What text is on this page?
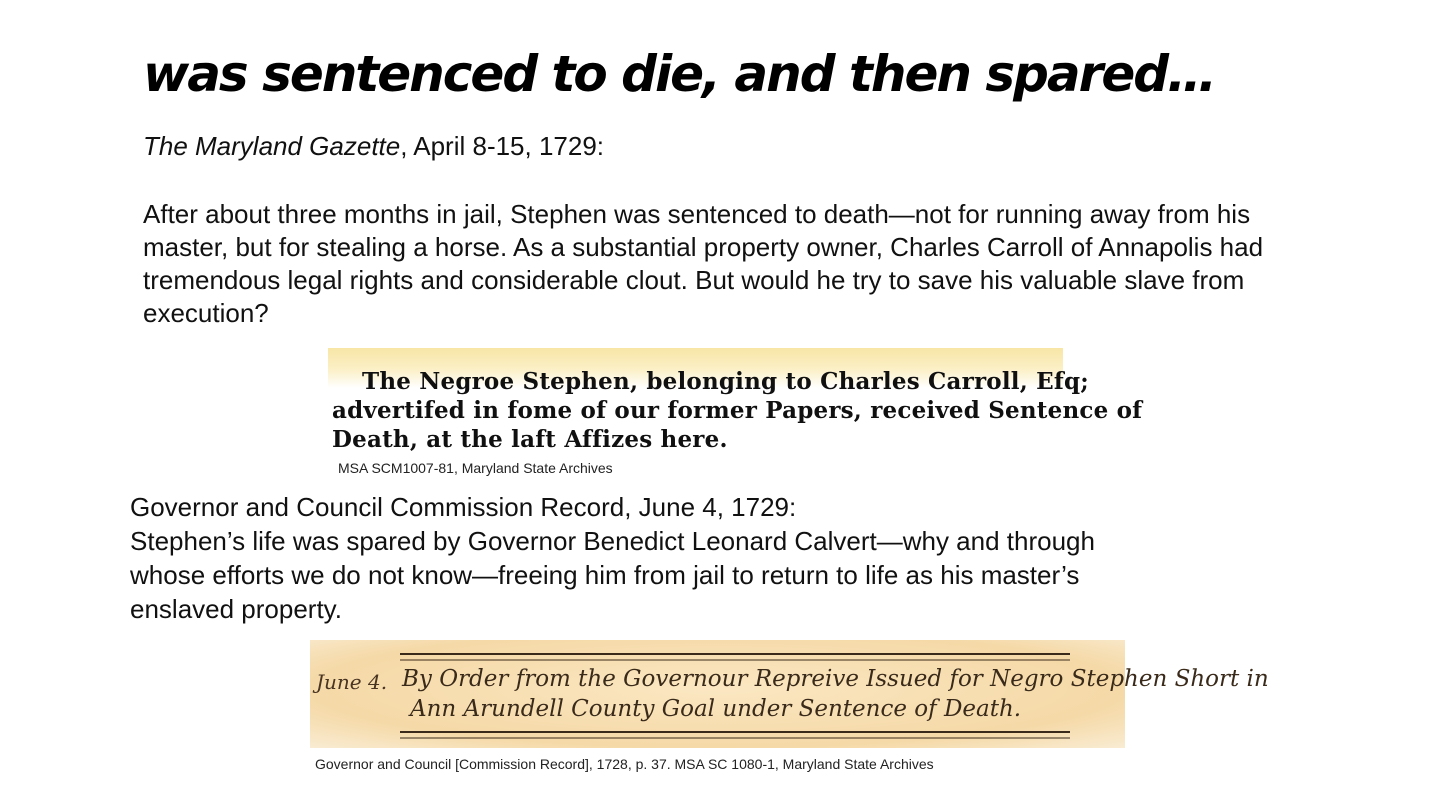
was sentenced to die, and then spared…
The Maryland Gazette, April 8-15, 1729:

After about three months in jail, Stephen was sentenced to death—not for running away from his master, but for stealing a horse. As a substantial property owner, Charles Carroll of Annapolis had tremendous legal rights and considerable clout. But would he try to save his valuable slave from execution?

The Negroe Stephen, belonging to Charles Carroll, Efq;
advertifed in fome of our former Papers, received Sentence of
Death, at the laft Affizes here.
MSA SCM1007-81, Maryland State Archives
Governor and Council Commission Record, June 4, 1729:

Stephen’s life was spared by Governor Benedict Leonard Calvert—why and through whose efforts we do not know—freeing him from jail to return to life as his master’s enslaved property.

June 4. By Order from the Governour Repreive Issued for Negro Stephen Short in
Ann Arundell County Goal under Sentence of Death.
Governor and Council [Commission Record], 1728, p. 37. MSA SC 1080-1, Maryland State Archives
